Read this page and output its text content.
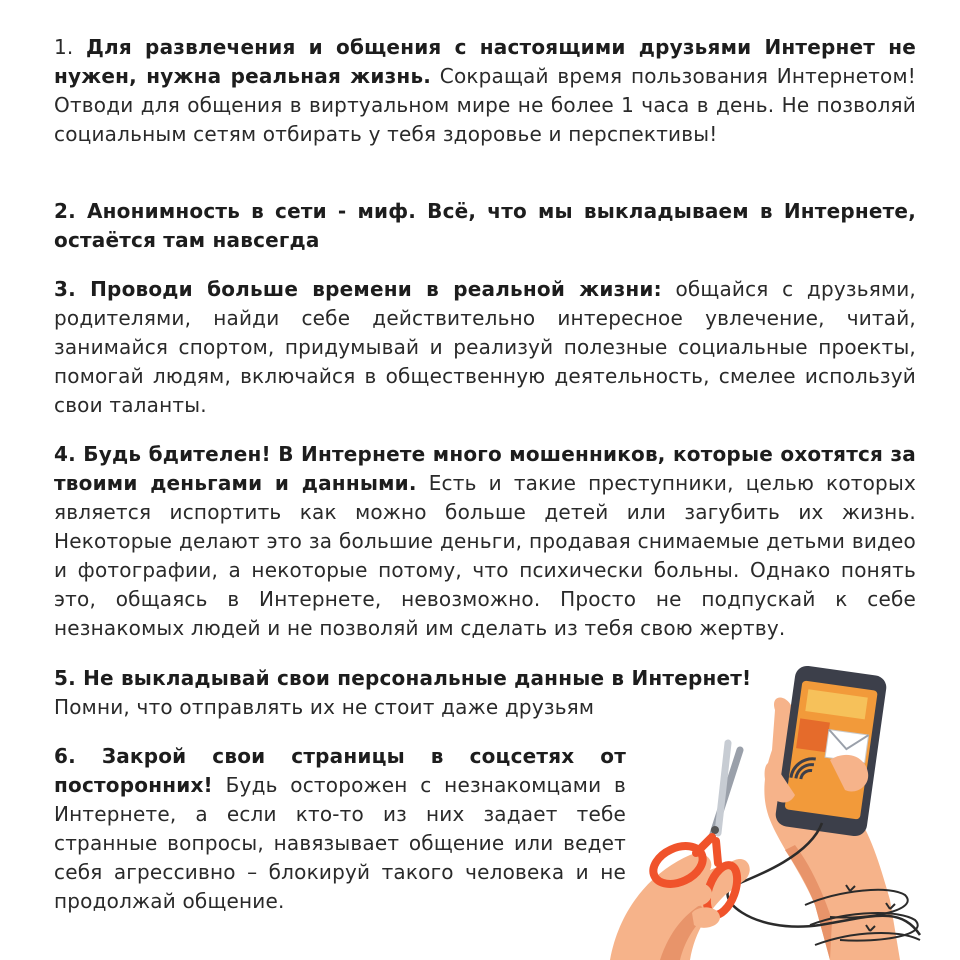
1. Для развлечения и общения с настоящими друзьями Интернет не нужен, нужна реальная жизнь. Сокращай время пользования Интернетом! Отводи для общения в виртуальном мире не более 1 часа в день. Не позволяй социальным сетям отбирать у тебя здоровье и перспективы!

2. Анонимность в сети - миф. Всё, что мы выкладываем в Интернете, остаётся там навсегда

3. Проводи больше времени в реальной жизни: общайся с друзьями, родителями, найди себе действительно интересное увлечение, читай, занимайся спортом, придумывай и реализуй полезные социальные проекты, помогай людям, включайся в общественную деятельность, смелее используй свои таланты.

4. Будь бдителен! В Интернете много мошенников, которые охотятся за твоими деньгами и данными. Есть и такие преступники, целью которых является испортить как можно больше детей или загубить их жизнь. Некоторые делают это за большие деньги, продавая снимаемые детьми видео и фотографии, а некоторые потому, что психически больны. Однако понять это, общаясь в Интернете, невозможно. Просто не подпускай к себе незнакомых людей и не позволяй им сделать из тебя свою жертву.

5. Не выкладывай свои персональные данные в Интернет!
Помни, что отправлять их не стоит даже друзьям

6. Закрой свои страницы в соцсетях от посторонних! Будь осторожен с незнакомцами в Интернете, а если кто-то из них задает тебе странные вопросы, навязывает общение или ведет себя агрессивно – блокируй такого человека и не продолжай общение.
